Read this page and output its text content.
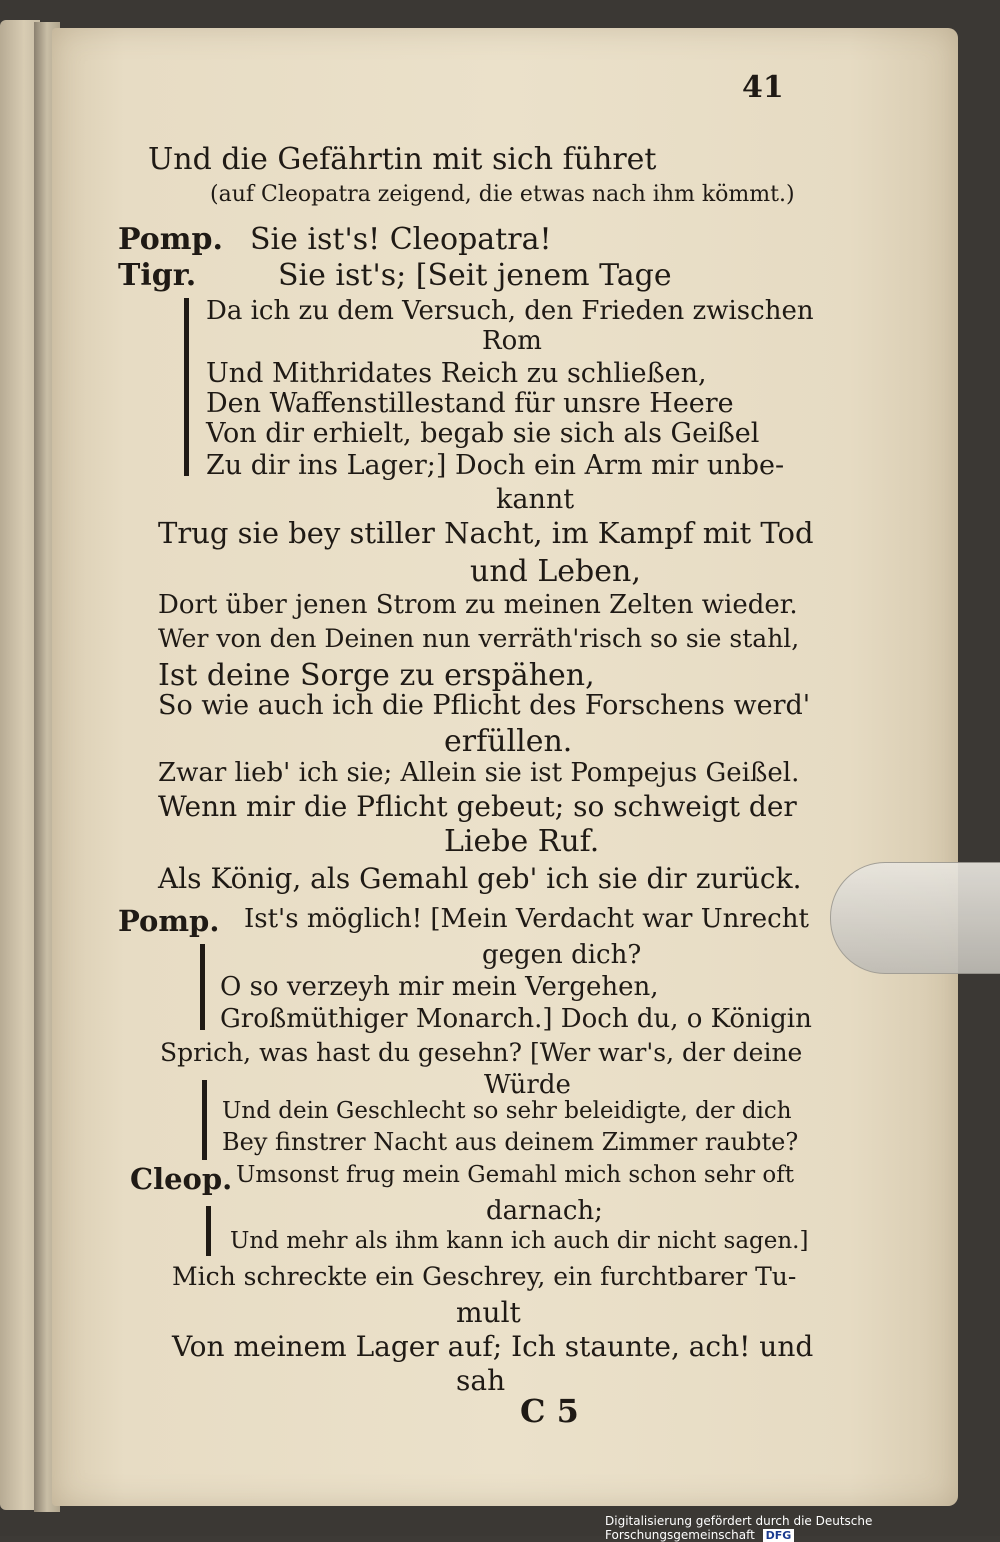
41
Und die Gefährtin mit sich führet
(auf Cleopatra zeigend, die etwas nach ihm kömmt.)
Pomp. Sie ist's! Cleopatra!
Tigr.	Sie ist's; [Seit jenem Tage
Da ich zu dem Versuch, den Frieden zwischen
Rom
Und Mithridates Reich zu schließen,
Den Waffenstillestand für unsre Heere
Von dir erhielt, begab sie sich als Geißel
Zu dir ins Lager;] Doch ein Arm mir unbe-
kannt
Trug sie bey stiller Nacht, im Kampf mit Tod
und Leben,
Dort über jenen Strom zu meinen Zelten wieder.
Wer von den Deinen nun verräth'risch so sie stahl,
Ist deine Sorge zu erspähen,
So wie auch ich die Pflicht des Forschens werd'
erfüllen.
Zwar lieb' ich sie; Allein sie ist Pompejus Geißel.
Wenn mir die Pflicht gebeut; so schweigt der
Liebe Ruf.
Als König, als Gemahl geb' ich sie dir zurück.
Pomp. Ist's möglich! [Mein Verdacht war Unrecht
gegen dich?
O so verzeyh mir mein Vergehen,
Großmüthiger Monarch.] Doch du, o Königin
Sprich, was hast du gesehn? [Wer war's, der deine
Würde
Und dein Geschlecht so sehr beleidigte, der dich
Bey finstrer Nacht aus deinem Zimmer raubte?
Cleop. Umsonst frug mein Gemahl mich schon sehr oft
darnach;
Und mehr als ihm kann ich auch dir nicht sagen.]
Mich schreckte ein Geschrey, ein furchtbarer Tu-
mult
Von meinem Lager auf; Ich staunte, ach! und
sah
C 5
Digitalisierung gefördert durch die Deutsche Forschungsgemeinschaft DFG
